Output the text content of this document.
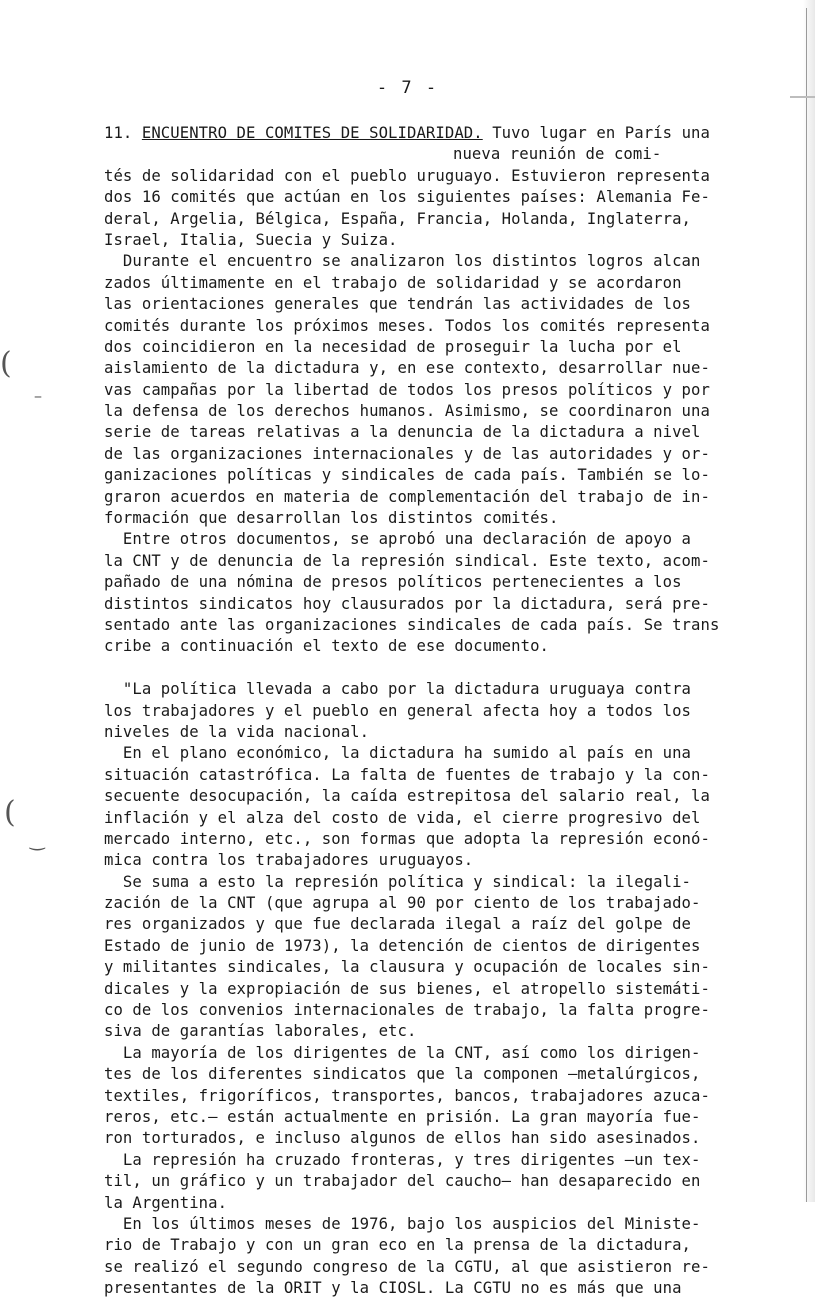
(
–
(
‿
- 7 -
11. ENCUENTRO DE COMITES DE SOLIDARIDAD. Tuvo lugar en París una
nueva reunión de comi-
tés de solidaridad con el pueblo uruguayo. Estuvieron representa
dos 16 comités que actúan en los siguientes países: Alemania Fe-
deral, Argelia, Bélgica, España, Francia, Holanda, Inglaterra,
Israel, Italia, Suecia y Suiza.
Durante el encuentro se analizaron los distintos logros alcan
zados últimamente en el trabajo de solidaridad y se acordaron
las orientaciones generales que tendrán las actividades de los
comités durante los próximos meses. Todos los comités representa
dos coincidieron en la necesidad de proseguir la lucha por el
aislamiento de la dictadura y, en ese contexto, desarrollar nue-
vas campañas por la libertad de todos los presos políticos y por
la defensa de los derechos humanos. Asimismo, se coordinaron una
serie de tareas relativas a la denuncia de la dictadura a nivel
de las organizaciones internacionales y de las autoridades y or-
ganizaciones políticas y sindicales de cada país. También se lo-
graron acuerdos en materia de complementación del trabajo de in-
formación que desarrollan los distintos comités.
Entre otros documentos, se aprobó una declaración de apoyo a
la CNT y de denuncia de la represión sindical. Este texto, acom-
pañado de una nómina de presos políticos pertenecientes a los
distintos sindicatos hoy clausurados por la dictadura, será pre-
sentado ante las organizaciones sindicales de cada país. Se trans
cribe a continuación el texto de ese documento.
"La política llevada a cabo por la dictadura uruguaya contra
los trabajadores y el pueblo en general afecta hoy a todos los
niveles de la vida nacional.
En el plano económico, la dictadura ha sumido al país en una
situación catastrófica. La falta de fuentes de trabajo y la con-
secuente desocupación, la caída estrepitosa del salario real, la
inflación y el alza del costo de vida, el cierre progresivo del
mercado interno, etc., son formas que adopta la represión econó-
mica contra los trabajadores uruguayos.
Se suma a esto la represión política y sindical: la ilegali-
zación de la CNT (que agrupa al 90 por ciento de los trabajado-
res organizados y que fue declarada ilegal a raíz del golpe de
Estado de junio de 1973), la detención de cientos de dirigentes
y militantes sindicales, la clausura y ocupación de locales sin-
dicales y la expropiación de sus bienes, el atropello sistemáti-
co de los convenios internacionales de trabajo, la falta progre-
siva de garantías laborales, etc.
La mayoría de los dirigentes de la CNT, así como los dirigen-
tes de los diferentes sindicatos que la componen —metalúrgicos,
textiles, frigoríficos, transportes, bancos, trabajadores azuca-
reros, etc.— están actualmente en prisión. La gran mayoría fue-
ron torturados, e incluso algunos de ellos han sido asesinados.
La represión ha cruzado fronteras, y tres dirigentes —un tex-
til, un gráfico y un trabajador del caucho— han desaparecido en
la Argentina.
En los últimos meses de 1976, bajo los auspicios del Ministe-
rio de Trabajo y con un gran eco en la prensa de la dictadura,
se realizó el segundo congreso de la CGTU, al que asistieron re-
presentantes de la ORIT y la CIOSL. La CGTU no es más que una
